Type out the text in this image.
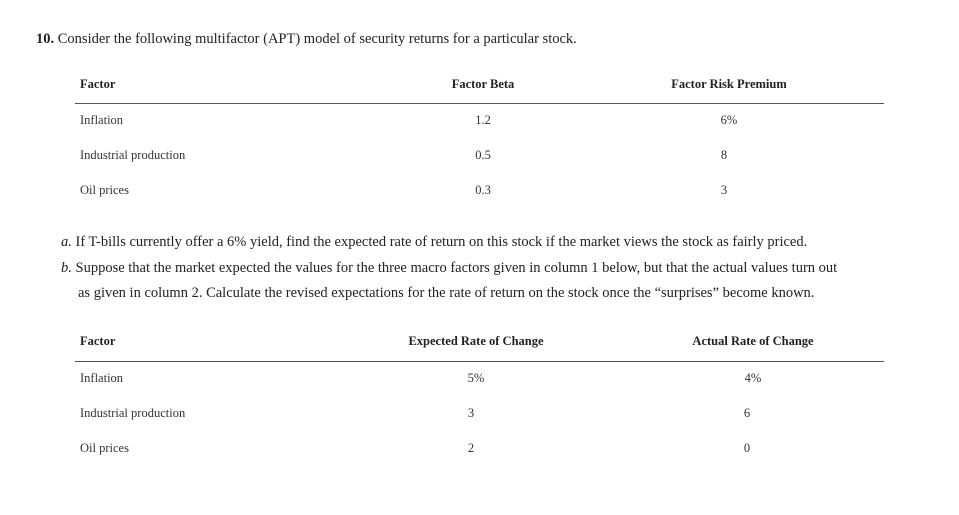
10. Consider the following multifactor (APT) model of security returns for a particular stock.
Factor	Factor Beta	Factor Risk Premium
Inflation	1.2	6%
Industrial production	0.5	8
Oil prices	0.3	3
a. If T-bills currently offer a 6% yield, find the expected rate of return on this stock if the market views the stock as fairly priced.
b. Suppose that the market expected the values for the three macro factors given in column 1 below, but that the actual values turn out
as given in column 2. Calculate the revised expectations for the rate of return on the stock once the “surprises” become known.
Factor	Expected Rate of Change	Actual Rate of Change
Inflation	5%	4%
Industrial production	3	6
Oil prices	2	0
